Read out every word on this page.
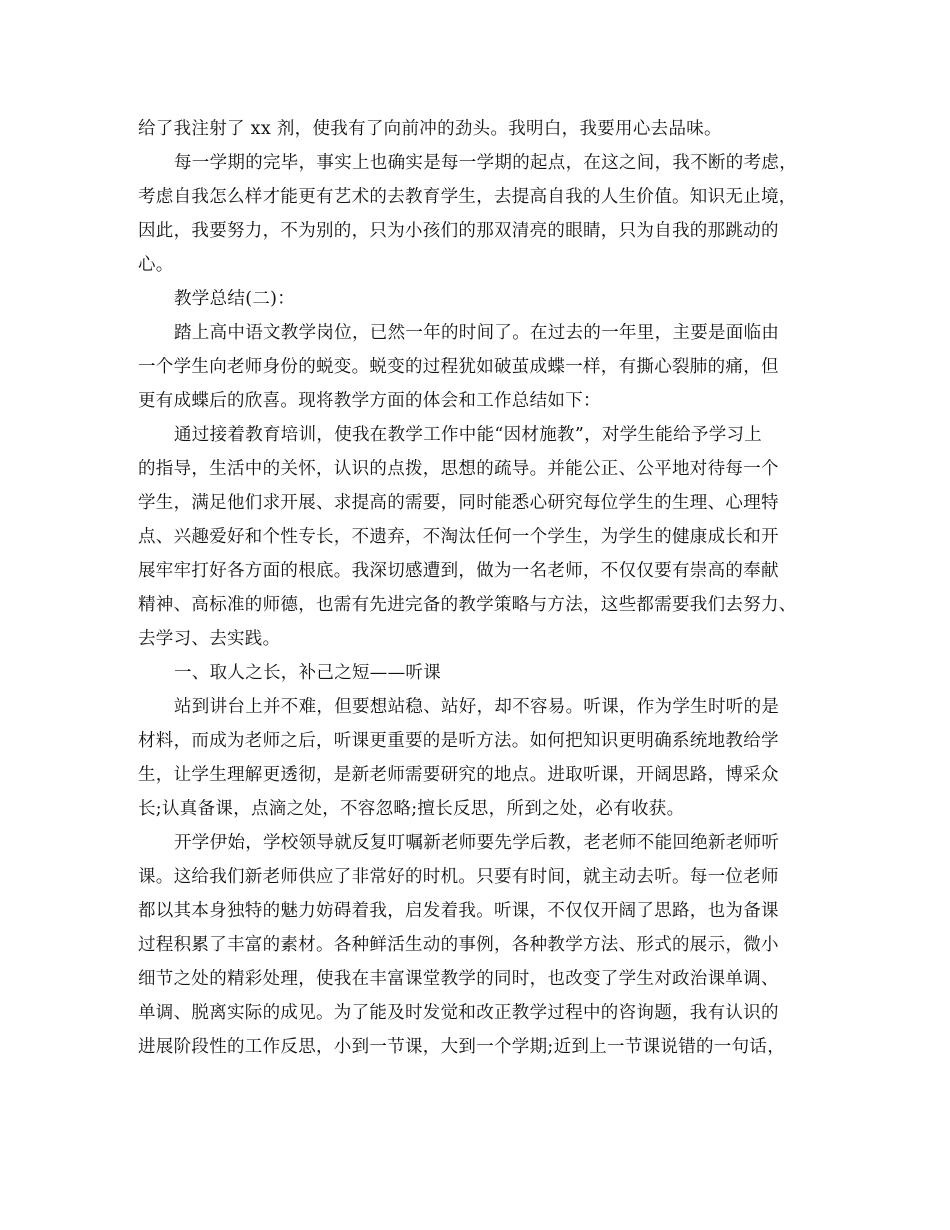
给了我注射了 xx 剂，使我有了向前冲的劲头。我明白，我要用心去品味。
每一学期的完毕，事实上也确实是每一学期的起点，在这之间，我不断的考虑，
考虑自我怎么样才能更有艺术的去教育学生，去提高自我的人生价值。知识无止境，
因此，我要努力，不为别的，只为小孩们的那双清亮的眼睛，只为自我的那跳动的
心。
教学总结(二)：
踏上高中语文教学岗位，已然一年的时间了。在过去的一年里，主要是面临由
一个学生向老师身份的蜕变。蜕变的过程犹如破茧成蝶一样，有撕心裂肺的痛，但
更有成蝶后的欣喜。现将教学方面的体会和工作总结如下：
通过接着教育培训，使我在教学工作中能“因材施教”，对学生能给予学习上
的指导，生活中的关怀，认识的点拨，思想的疏导。并能公正、公平地对待每一个
学生，满足他们求开展、求提高的需要，同时能悉心研究每位学生的生理、心理特
点、兴趣爱好和个性专长，不遗弃，不淘汰任何一个学生，为学生的健康成长和开
展牢牢打好各方面的根底。我深切感遭到，做为一名老师，不仅仅要有崇高的奉献
精神、高标准的师德，也需有先进完备的教学策略与方法，这些都需要我们去努力、
去学习、去实践。
一、取人之长，补己之短——听课
站到讲台上并不难，但要想站稳、站好，却不容易。听课，作为学生时听的是
材料，而成为老师之后，听课更重要的是听方法。如何把知识更明确系统地教给学
生，让学生理解更透彻，是新老师需要研究的地点。进取听课，开阔思路，博采众
长;认真备课，点滴之处，不容忽略;擅长反思，所到之处，必有收获。
开学伊始，学校领导就反复叮嘱新老师要先学后教，老老师不能回绝新老师听
课。这给我们新老师供应了非常好的时机。只要有时间，就主动去听。每一位老师
都以其本身独特的魅力妨碍着我，启发着我。听课，不仅仅开阔了思路，也为备课
过程积累了丰富的素材。各种鲜活生动的事例，各种教学方法、形式的展示，微小
细节之处的精彩处理，使我在丰富课堂教学的同时，也改变了学生对政治课单调、
单调、脱离实际的成见。为了能及时发觉和改正教学过程中的咨询题，我有认识的
进展阶段性的工作反思，小到一节课，大到一个学期;近到上一节课说错的一句话，
